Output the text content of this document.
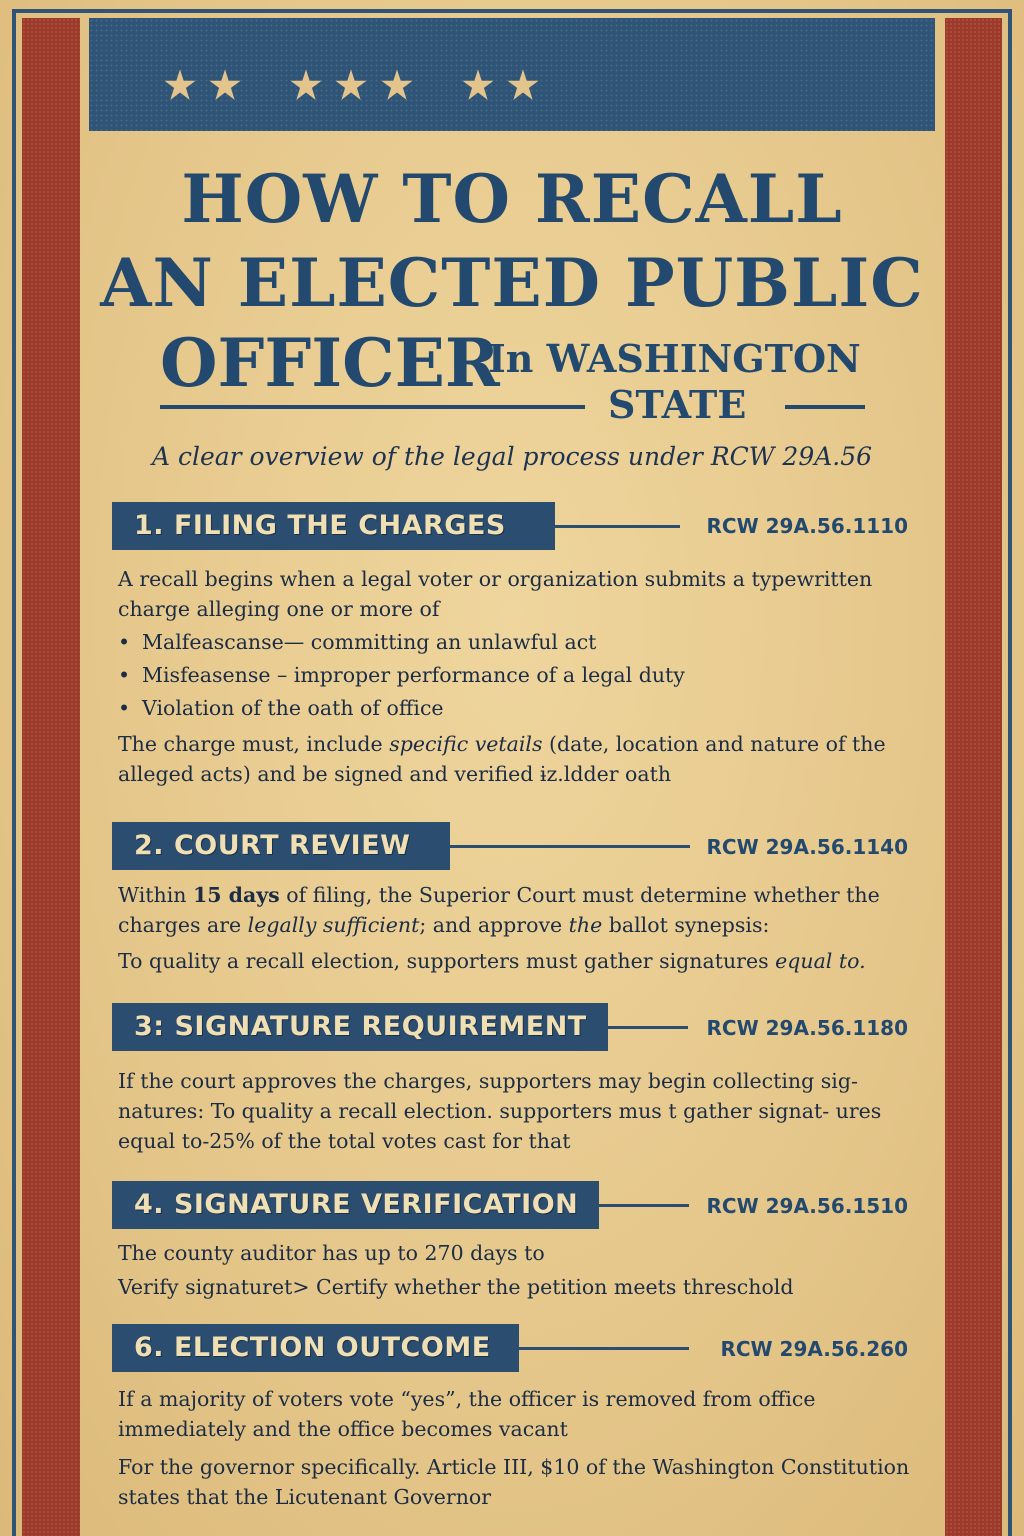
HOW TO RECALL
AN ELECTED PUBLIC
OFFICER
In WASHINGTON
STATE
A clear overview of the legal process under RCW 29A.56
1. FILING THE CHARGES	RCW 29A.56.1110

A recall begins when a legal voter or organization submits a typewritten charge alleging one or more of

• Malfeascanse— committing an unlawful act
• Misfeasense – improper performance of a legal duty
• Violation of the oath of office

The charge must, include specific vetails (date, location and nature of the alleged acts) and be signed and verified ɨz.ldder oath

2. COURT REVIEW	RCW 29A.56.1140

Within 15 days of filing, the Superior Court must determine whether the charges are legally sufficient; and approve the ballot synepsis:

To quality a recall election, supporters must gather signatures equal to.

3: SIGNATURE REQUIREMENT	RCW 29A.56.1180
If the court approves the charges, supporters may begin collecting sig- natures: To quality a recall election. supporters mus t gather signat- ures equal to-25% of the total votes cast for that
4. SIGNATURE VERIFICATION	RCW 29A.56.1510

The county auditor has up to 270 days to

Verify signaturet> Certify whether the petition meets threschold

6. ELECTION OUTCOME	RCW 29A.56.260

If a majority of voters vote “yes”, the officer is removed from office immediately and the office becomes vacant

For the governor specifically. Article III, $10 of the Washington Constitution states that the Licutenant Governor
